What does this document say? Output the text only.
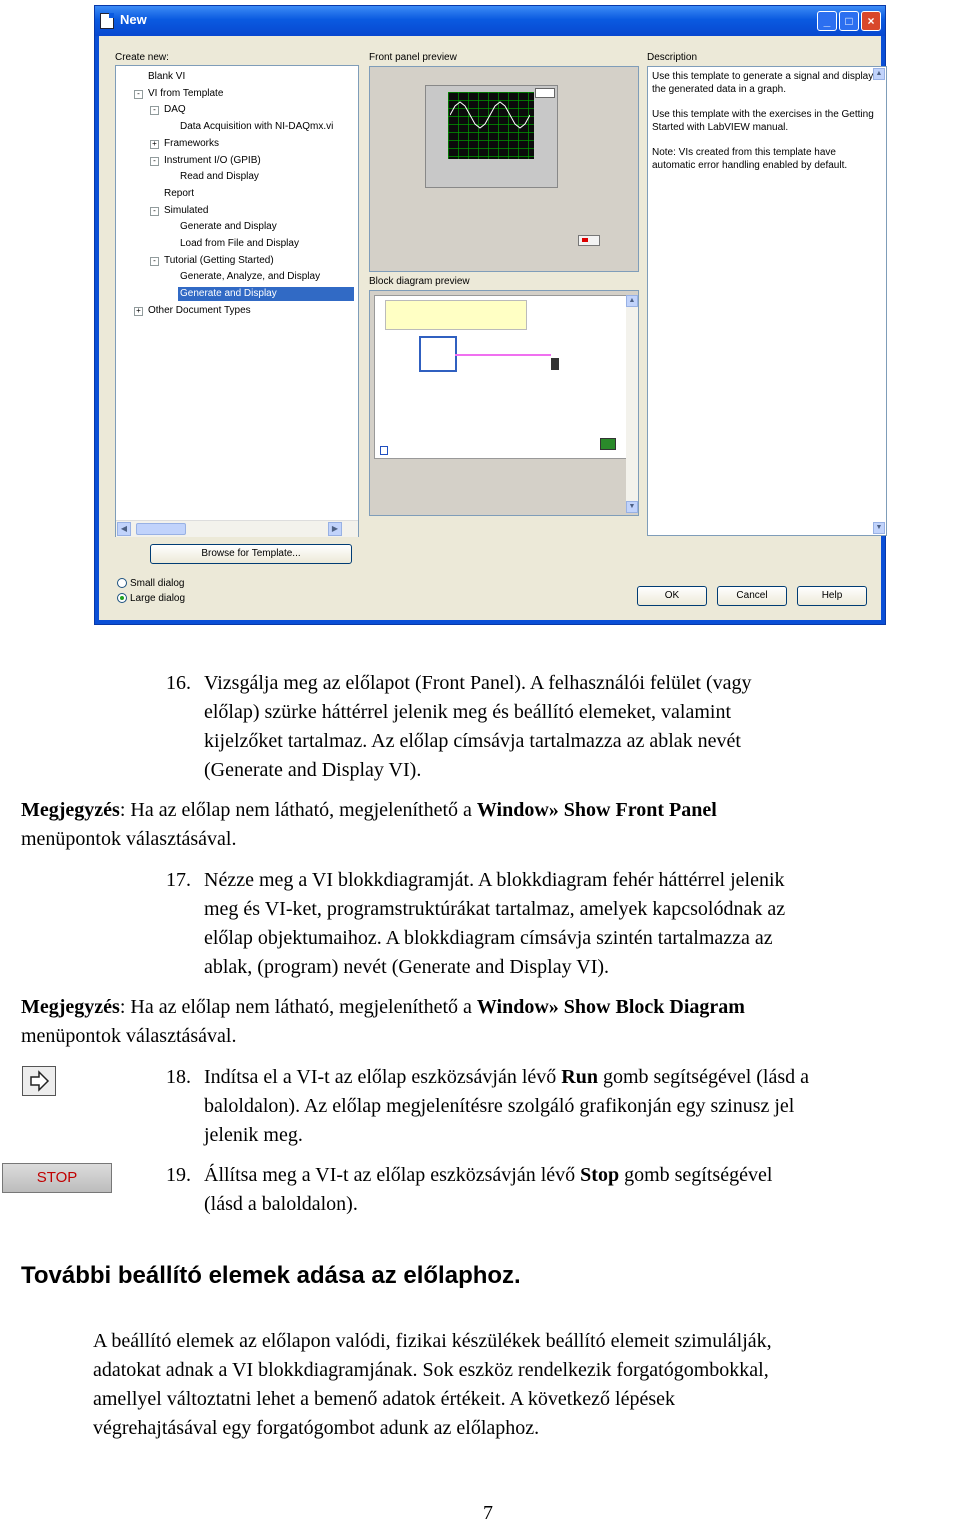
New	_	□	×
Create new:	Front panel preview	Description
Blank VI
- VI from Template
- DAQ
Data Acquisition with NI-DAQmx.vi
+ Frameworks
- Instrument I/O (GPIB)
Read and Display
Report
- Simulated
Generate and Display
Load from File and Display
- Tutorial (Getting Started)
Generate, Analyze, and Display
Generate and Display
+ Other Document Types
◀	▶
Block diagram preview
▲
▼

Use this template to generate a signal and display the generated data in a graph.

Use this template with the exercises in the Getting Started with LabVIEW manual.

Note: VIs created from this template have automatic error handling enabled by default.

▲
▼
Browse for Template...
Small dialog
Large dialog	OK	Cancel	Help
16. Vizsgálja meg az előlapot (Front Panel). A felhasználói felület (vagy
előlap) szürke háttérrel jelenik meg és beállító elemeket, valamint
kijelzőket tartalmaz. Az előlap címsávja tartalmazza az ablak nevét
(Generate and Display VI).
Megjegyzés: Ha az előlap nem látható, megjeleníthető a Window» Show Front Panel
menüpontok választásával.
17. Nézze meg a VI blokkdiagramját. A blokkdiagram fehér háttérrel jelenik
meg és VI-ket, programstruktúrákat tartalmaz, amelyek kapcsolódnak az
előlap objektumaihoz. A blokkdiagram címsávja szintén tartalmazza az
ablak, (program) nevét (Generate and Display VI).
Megjegyzés: Ha az előlap nem látható, megjeleníthető a Window» Show Block Diagram
menüpontok választásával.
18. Indítsa el a VI-t az előlap eszközsávján lévő Run gomb segítségével (lásd a
baloldalon). Az előlap megjelenítésre szolgáló grafikonján egy szinusz jel
jelenik meg.
19. Állítsa meg a VI-t az előlap eszközsávján lévő Stop gomb segítségével
(lásd a baloldalon).
A beállító elemek az előlapon valódi, fizikai készülékek beállító elemeit szimulálják,
adatokat adnak a VI blokkdiagramjának. Sok eszköz rendelkezik forgatógombokkal,
amellyel változtatni lehet a bemenő adatok értékeit. A következő lépések
végrehajtásával egy forgatógombot adunk az előlaphoz.
STOP
További beállító elemek adása az előlaphoz.
7
